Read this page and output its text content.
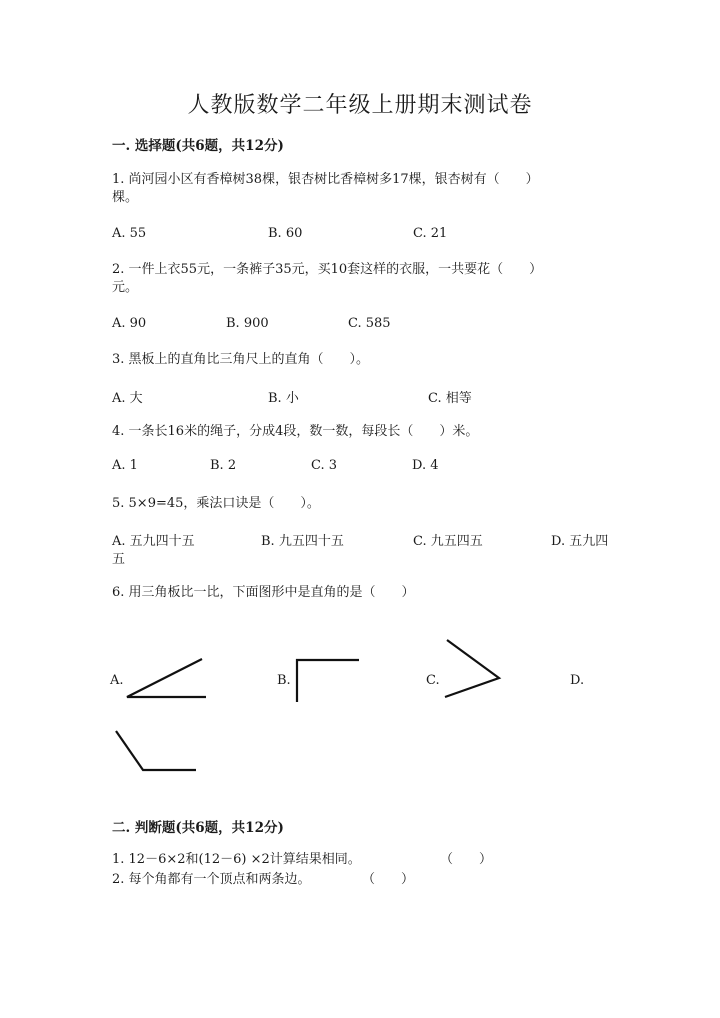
人教版数学二年级上册期末测试卷
一. 选择题(共6题，共12分)
1. 尚河园小区有香樟树38棵，银杏树比香樟树多17棵，银杏树有（　　）
棵。
A. 55	B. 60	C. 21
2. 一件上衣55元，一条裤子35元，买10套这样的衣服，一共要花（　　）
元。
A. 90	B. 900	C. 585
3. 黑板上的直角比三角尺上的直角（　　）。
A. 大	B. 小	C. 相等
4. 一条长16米的绳子，分成4段，数一数，每段长（　　）米。
A. 1	B. 2	C. 3	D. 4
5. 5×9=45，乘法口诀是（　　）。
A. 五九四十五	B. 九五四十五	C. 九五四五	D. 五九四
五
6. 用三角板比一比，下面图形中是直角的是（　　）
A.	B.	C.	D.
二. 判断题(共6题，共12分)
1. 12－6×2和(12－6) ×2计算结果相同。	（　　）
2. 每个角都有一个顶点和两条边。	（　　）
